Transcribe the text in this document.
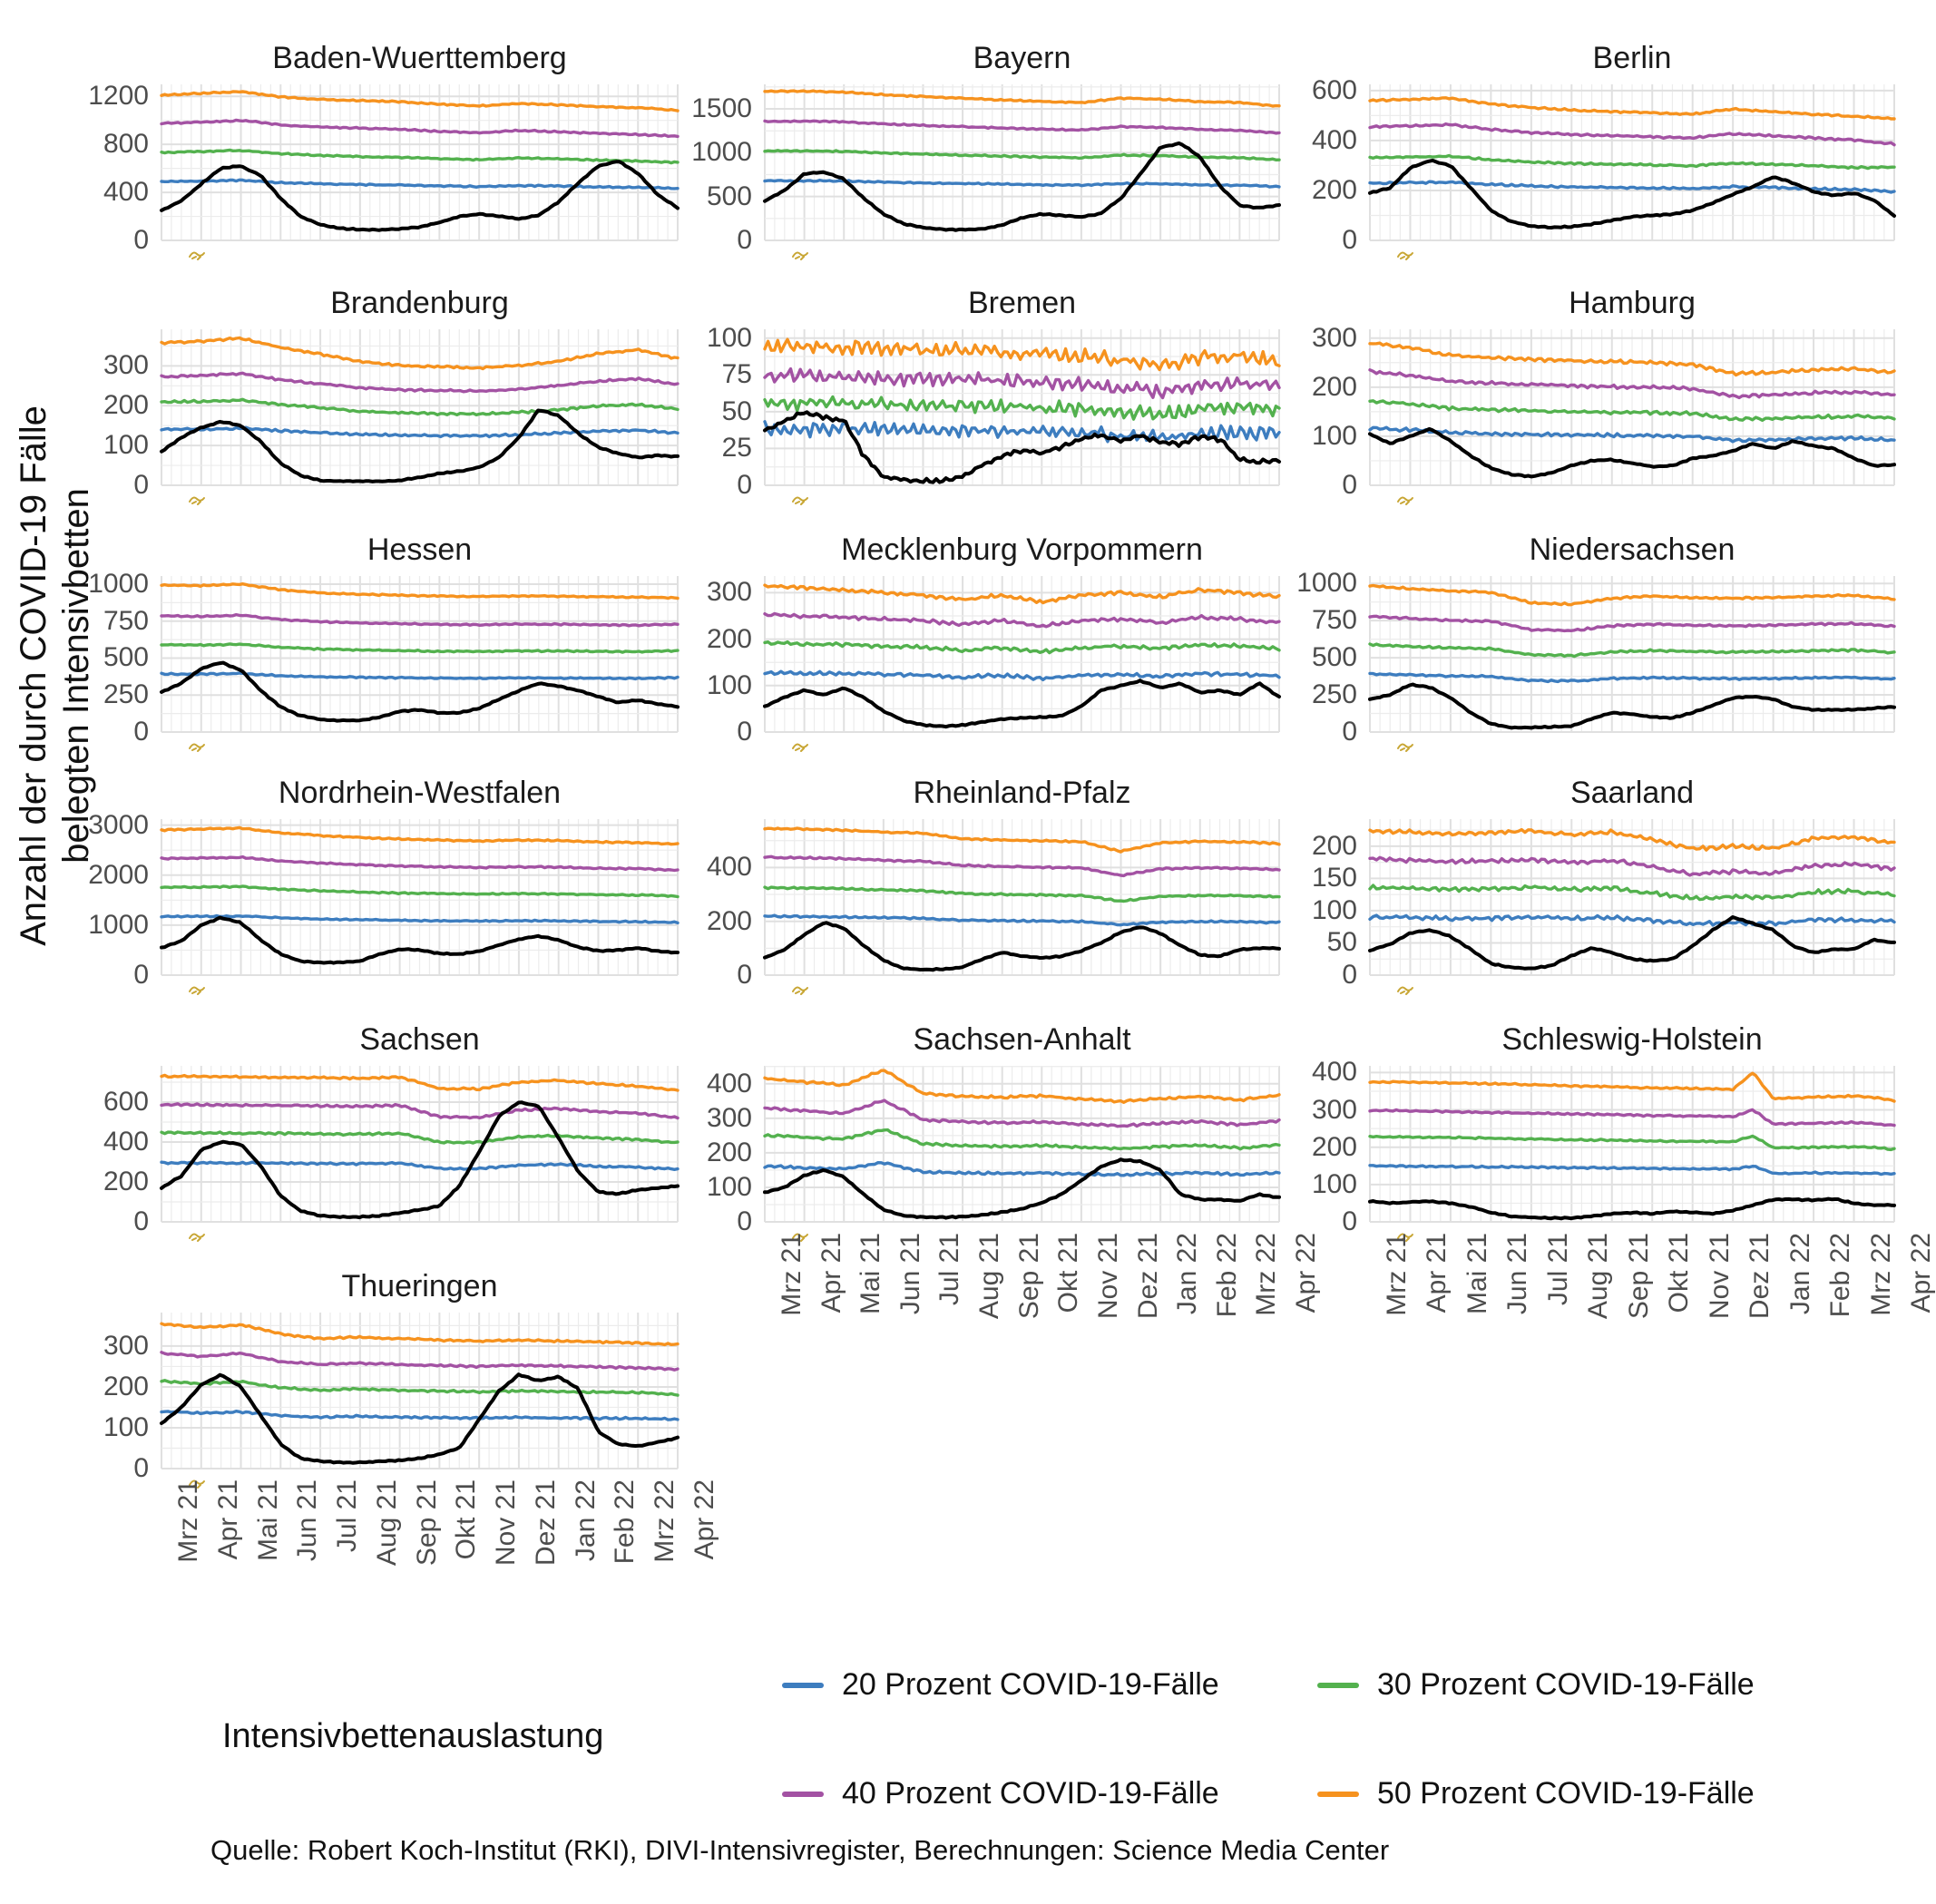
Anzahl der durch COVID-19 Fälle belegten Intensivbetten
Baden-Wuerttemberg
0
400
800
1200
Bayern
0
500
1000
1500
Berlin
0
200
400
600
Brandenburg
0
100
200
300
Bremen
0
25
50
75
100
Hamburg
0
100
200
300
Hessen
0
250
500
750
1000
Mecklenburg Vorpommern
0
100
200
300
Niedersachsen
0
250
500
750
1000
Nordrhein-Westfalen
0
1000
2000
3000
Rheinland-Pfalz
0
200
400
Saarland
0
50
100
150
200
Sachsen
0
200
400
600
Sachsen-Anhalt
0
100
200
300
400
Mrz 21 Apr 21 Mai 21 Jun 21 Jul 21 Aug 21 Sep 21 Okt 21 Nov 21 Dez 21 Jan 22 Feb 22 Mrz 22 Apr 22
Schleswig-Holstein
0
100
200
300
400
Mrz 21 Apr 21 Mai 21 Jun 21 Jul 21 Aug 21 Sep 21 Okt 21 Nov 21 Dez 21 Jan 22 Feb 22 Mrz 22 Apr 22
Thueringen
0
100
200
300
Mrz 21 Apr 21 Mai 21 Jun 21 Jul 21 Aug 21 Sep 21 Okt 21 Nov 21 Dez 21 Jan 22 Feb 22 Mrz 22 Apr 22
Intensivbettenauslastung
20 Prozent COVID-19-Fälle	30 Prozent COVID-19-Fälle
40 Prozent COVID-19-Fälle	50 Prozent COVID-19-Fälle
Quelle: Robert Koch-Institut (RKI), DIVI-Intensivregister, Berechnungen: Science Media Center
